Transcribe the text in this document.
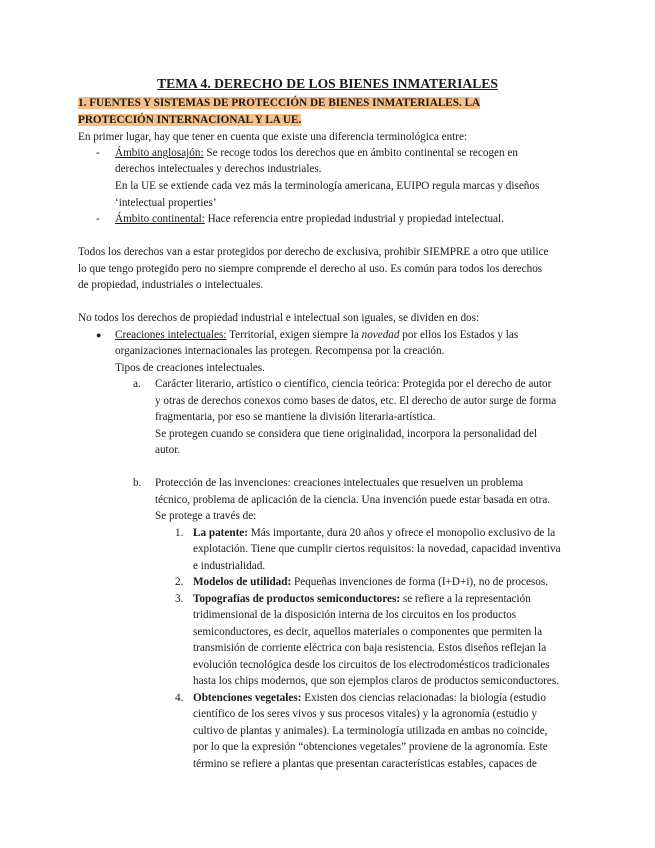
TEMA 4. DERECHO DE LOS BIENES INMATERIALES
1. FUENTES Y SISTEMAS DE PROTECCIÓN DE BIENES INMATERIALES. LA
PROTECCIÓN INTERNACIONAL Y LA UE.
En primer lugar, hay que tener en cuenta que existe una diferencia terminológica entre:
- Ámbito anglosajón: Se recoge todos los derechos que en ámbito continental se recogen en
derechos intelectuales y derechos industriales.
En la UE se extiende cada vez más la terminología americana, EUIPO regula marcas y diseños
‘intelectual properties’
- Ámbito continental: Hace referencia entre propiedad industrial y propiedad intelectual.
Todos los derechos van a estar protegidos por derecho de exclusiva, prohibir SIEMPRE a otro que utilice
lo que tengo protegido pero no siempre comprende el derecho al uso. Es común para todos los derechos
de propiedad, industriales o intelectuales.
No todos los derechos de propiedad industrial e intelectual son iguales, se dividen en dos:
● Creaciones intelectuales: Territorial, exigen siempre la novedad por ellos los Estados y las
organizaciones internacionales las protegen. Recompensa por la creación.
Tipos de creaciones intelectuales.
a. Carácter literario, artístico o científico, ciencia teórica: Protegida por el derecho de autor
y otras de derechos conexos como bases de datos, etc. El derecho de autor surge de forma
fragmentaria, por eso se mantiene la división literaria-artística.
Se protegen cuando se considera que tiene originalidad, incorpora la personalidad del
autor.
b. Protección de las invenciones: creaciones intelectuales que resuelven un problema
técnico, problema de aplicación de la ciencia. Una invención puede estar basada en otra.
Se protege a través de:
1. La patente: Más importante, dura 20 años y ofrece el monopolio exclusivo de la
explotación. Tiene que cumplir ciertos requisitos: la novedad, capacidad inventiva
e industrialidad.
2. Modelos de utilidad: Pequeñas invenciones de forma (I+D+i), no de procesos.
3. Topografías de productos semiconductores: se refiere a la representación
tridimensional de la disposición interna de los circuitos en los productos
semiconductores, es decir, aquellos materiales o componentes que permiten la
transmisión de corriente eléctrica con baja resistencia. Estos diseños reflejan la
evolución tecnológica desde los circuitos de los electrodomésticos tradicionales
hasta los chips modernos, que son ejemplos claros de productos semiconductores.
4. Obtenciones vegetales: Existen dos ciencias relacionadas: la biología (estudio
científico de los seres vivos y sus procesos vitales) y la agronomía (estudio y
cultivo de plantas y animales). La terminología utilizada en ambas no coincide,
por lo que la expresión “obtenciones vegetales” proviene de la agronomía. Este
término se refiere a plantas que presentan características estables, capaces de
